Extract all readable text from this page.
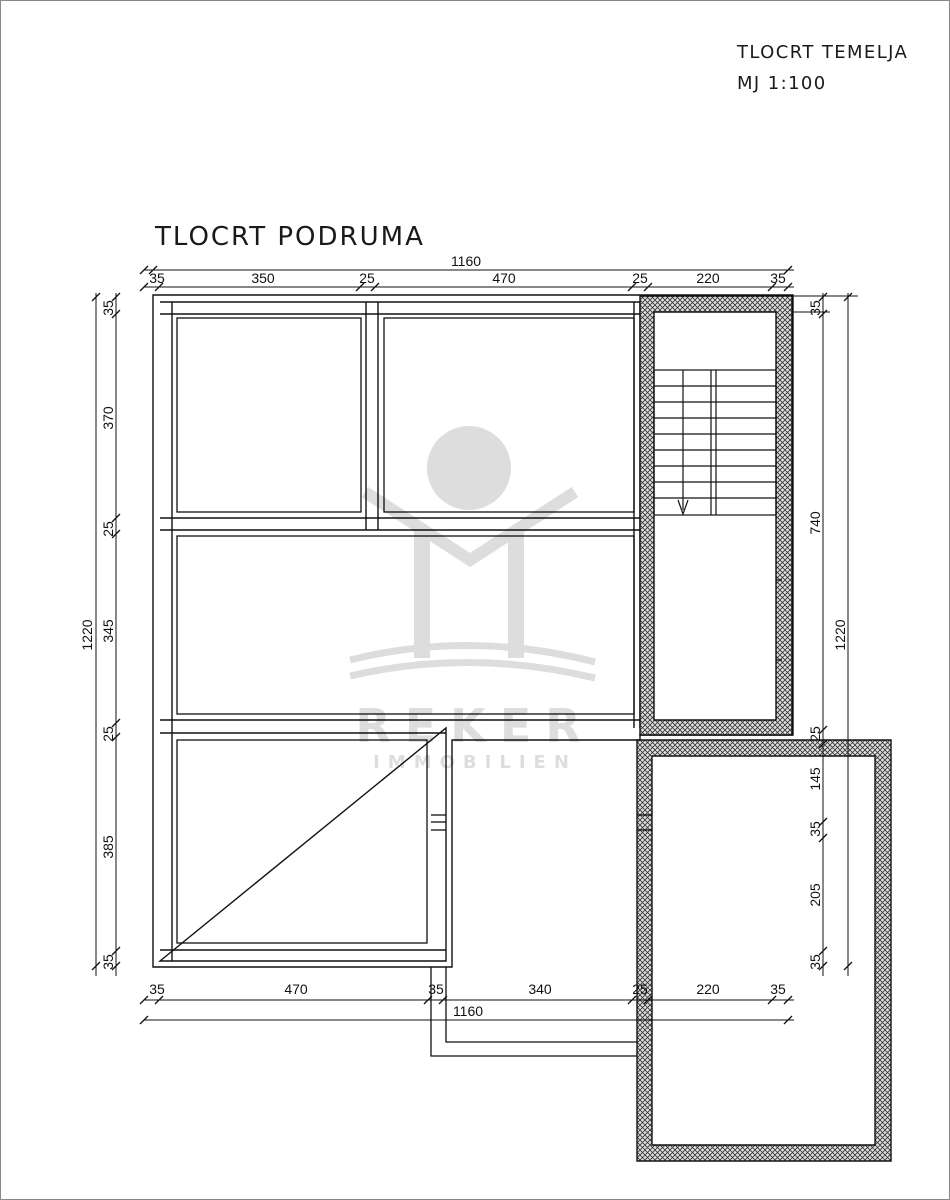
TLOCRT TEMELJA
MJ 1:100
TLOCRT PODRUMA
REKER
IMMOBILIEN
1160
35	350	25	470	25	220	35
35	470	35	340	25	220	35
1160
1220
35
370
25
345
25
385
35
35
740
25
145
35
205
35
1220
